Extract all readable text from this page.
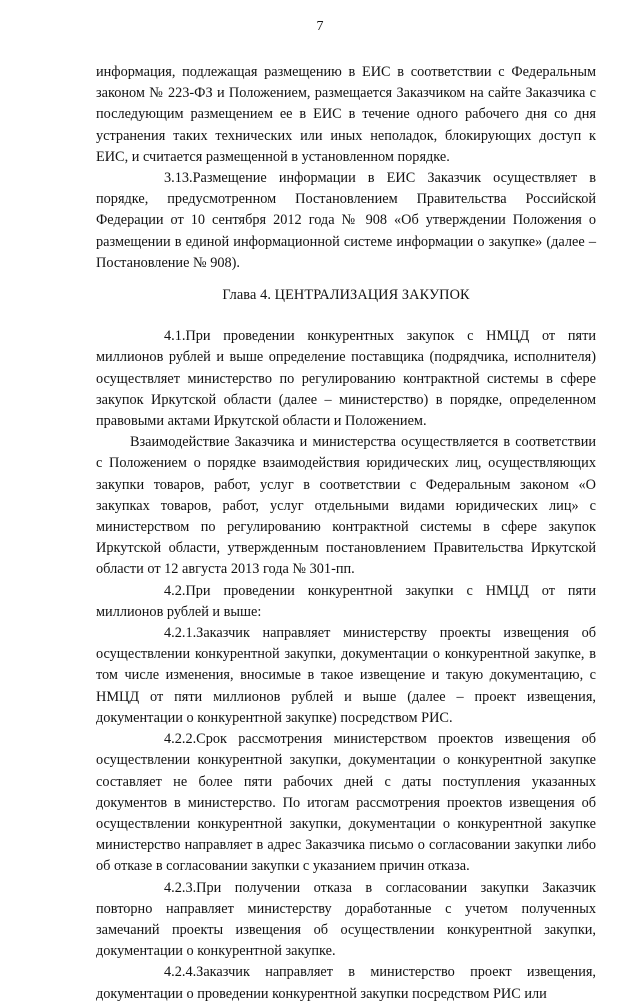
7

информация, подлежащая размещению в ЕИС в соответствии с Федеральным законом № 223-ФЗ и Положением, размещается Заказчиком на сайте Заказчика с последующим размещением ее в ЕИС в течение одного рабочего дня со дня устранения таких технических или иных неполадок, блокирующих доступ к ЕИС, и считается размещенной в установленном порядке.

3.13.Размещение информации в ЕИС Заказчик осуществляет в порядке, предусмотренном Постановлением Правительства Российской Федерации от 10 сентября 2012 года № 908 «Об утверждении Положения о размещении в единой информационной системе информации о закупке» (далее – Постановление № 908).

Глава 4. ЦЕНТРАЛИЗАЦИЯ ЗАКУПОК

4.1.При проведении конкурентных закупок с НМЦД от пяти миллионов рублей и выше определение поставщика (подрядчика, исполнителя) осуществляет министерство по регулированию контрактной системы в сфере закупок Иркутской области (далее – министерство) в порядке, определенном правовыми актами Иркутской области и Положением.

Взаимодействие Заказчика и министерства осуществляется в соответствии с Положением о порядке взаимодействия юридических лиц, осуществляющих закупки товаров, работ, услуг в соответствии с Федеральным законом «О закупках товаров, работ, услуг отдельными видами юридических лиц» с министерством по регулированию контрактной системы в сфере закупок Иркутской области, утвержденным постановлением Правительства Иркутской области от 12 августа 2013 года № 301-пп.

4.2.При проведении конкурентной закупки с НМЦД от пяти миллионов рублей и выше:

4.2.1.Заказчик направляет министерству проекты извещения об осуществлении конкурентной закупки, документации о конкурентной закупке, в том числе изменения, вносимые в такое извещение и такую документацию, с НМЦД от пяти миллионов рублей и выше (далее – проект извещения, документации о конкурентной закупке) посредством РИС.

4.2.2.Срок рассмотрения министерством проектов извещения об осуществлении конкурентной закупки, документации о конкурентной закупке составляет не более пяти рабочих дней с даты поступления указанных документов в министерство. По итогам рассмотрения проектов извещения об осуществлении конкурентной закупки, документации о конкурентной закупке министерство направляет в адрес Заказчика письмо о согласовании закупки либо об отказе в согласовании закупки с указанием причин отказа.

4.2.3.При получении отказа в согласовании закупки Заказчик повторно направляет министерству доработанные с учетом полученных замечаний проекты извещения об осуществлении конкурентной закупки, документации о конкурентной закупке.

4.2.4.Заказчик направляет в министерство проект извещения, документации о проведении конкурентной закупки посредством РИС или
